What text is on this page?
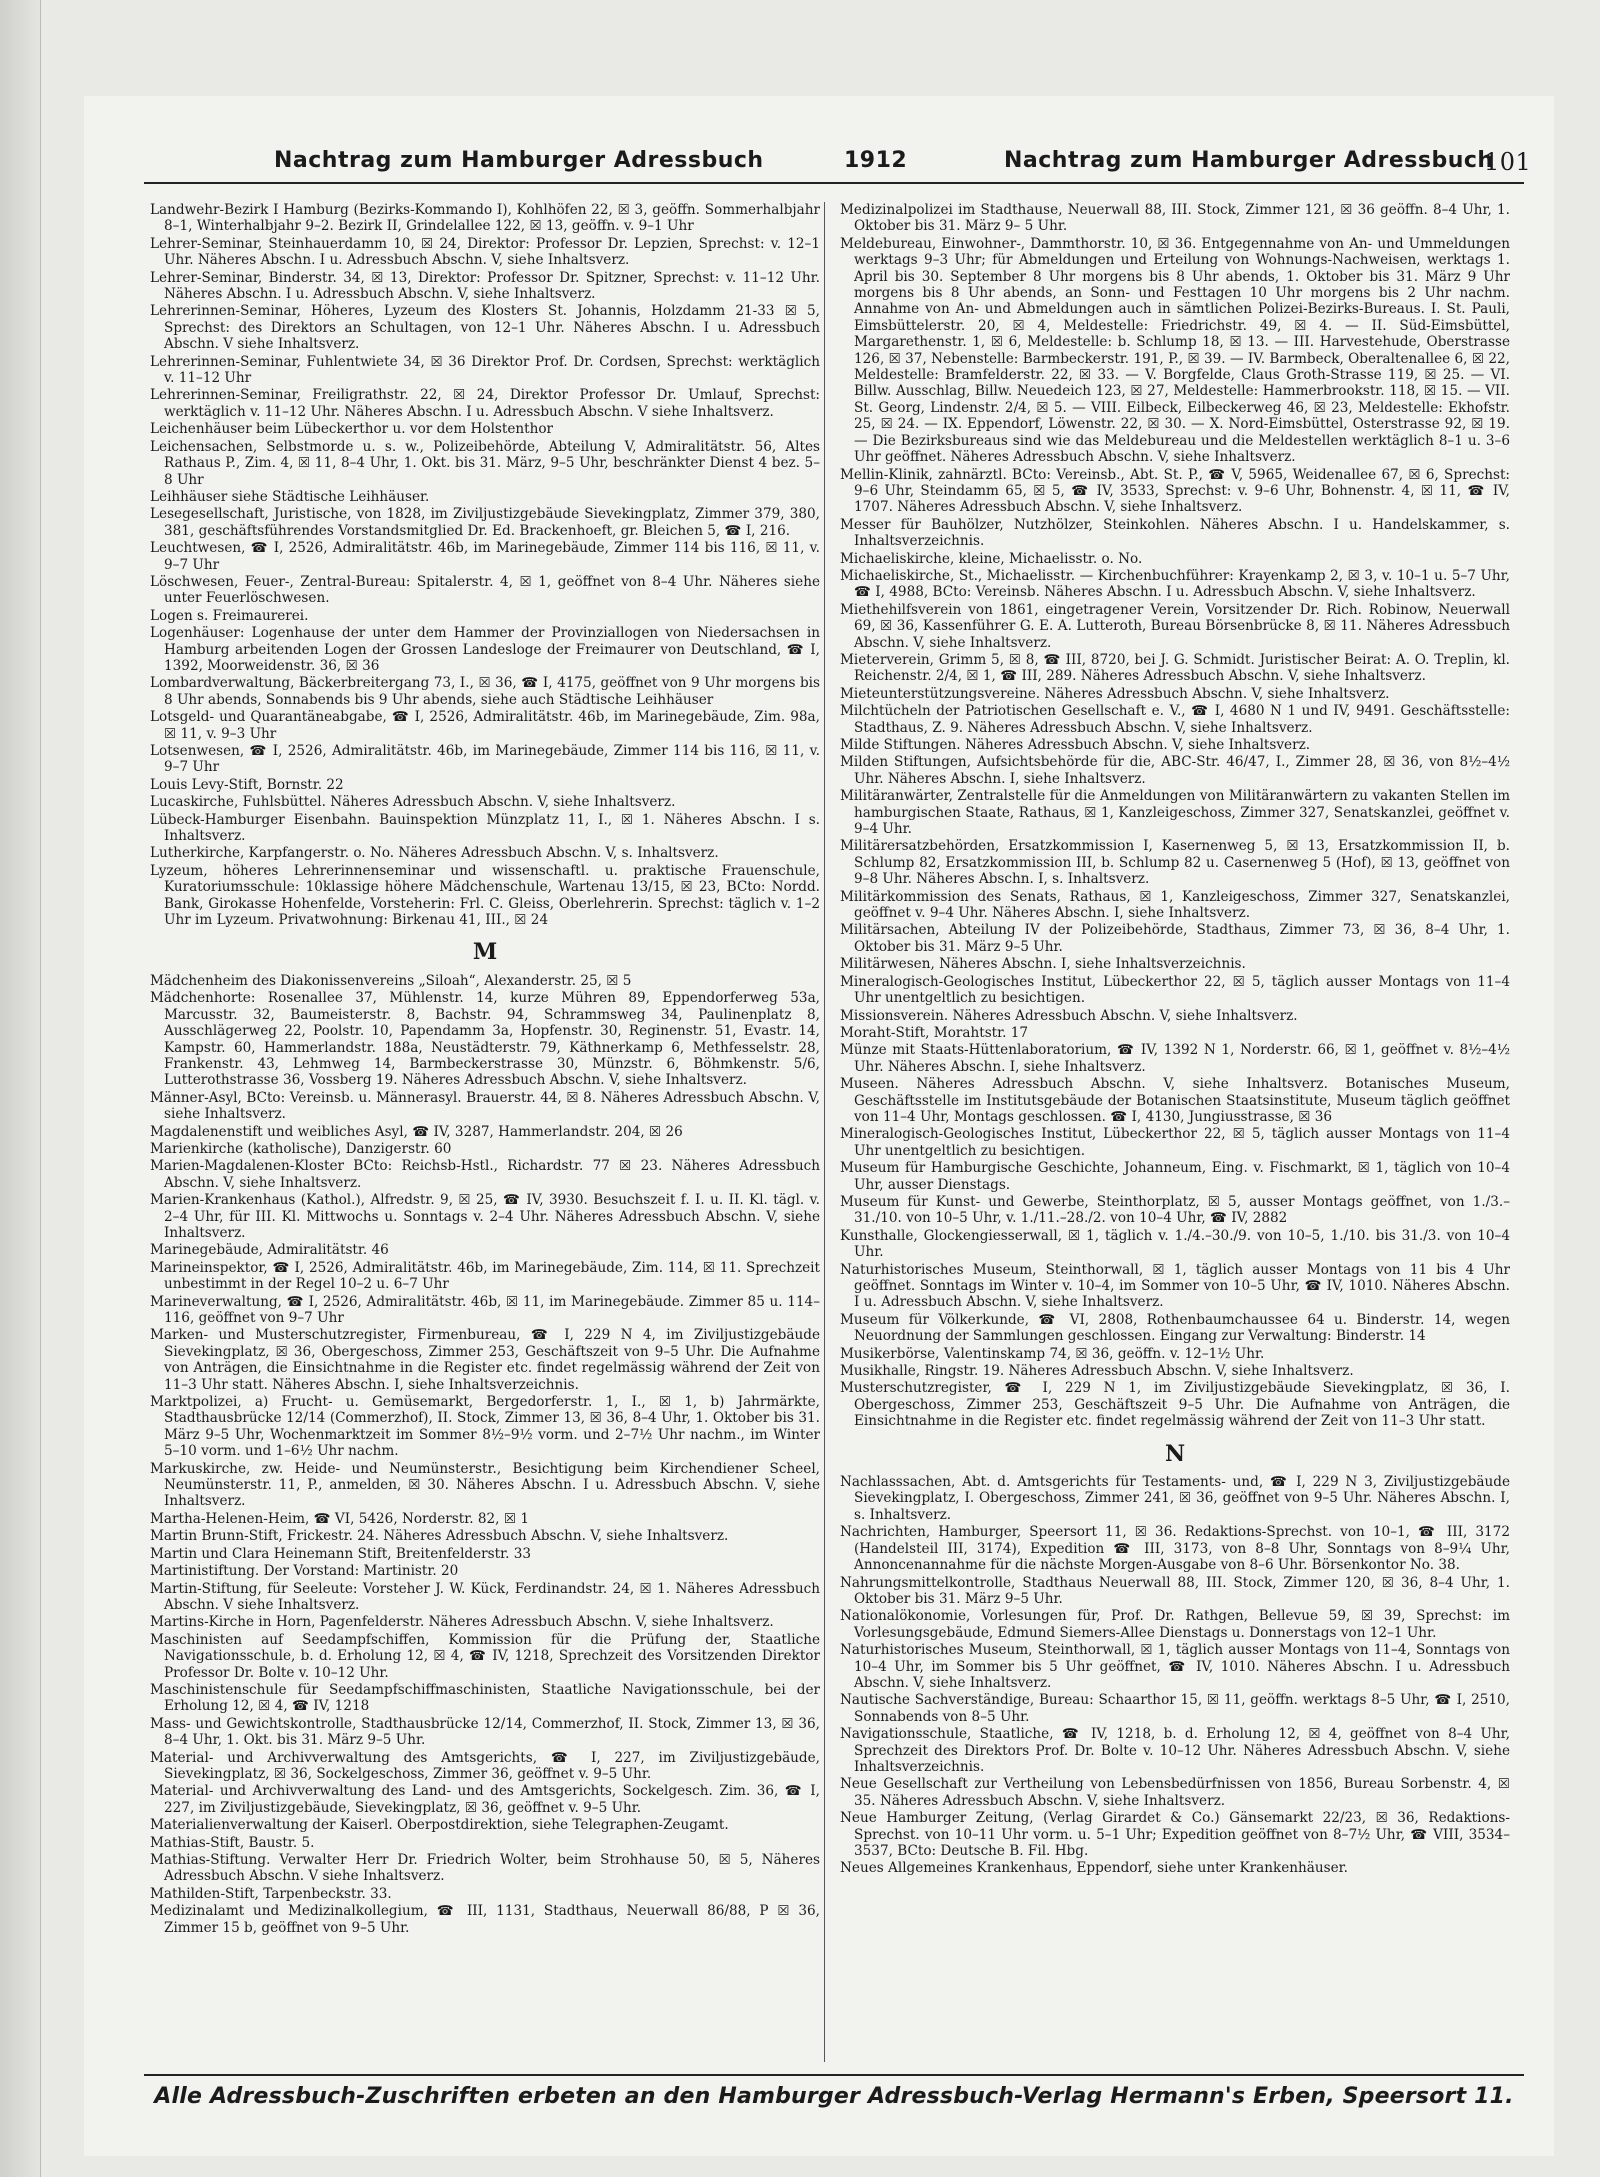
Nachtrag zum Hamburger Adressbuch	1912	Nachtrag zum Hamburger Adressbuch
101
Landwehr-Bezirk I Hamburg (Bezirks-Kommando I), Kohlhöfen 22, ☒ 3, geöffn. Sommerhalbjahr 8–1, Winterhalbjahr 9–2. Bezirk II, Grindelallee 122, ☒ 13, geöffn. v. 9–1 Uhr
Lehrer-Seminar, Steinhauerdamm 10, ☒ 24, Direktor: Professor Dr. Lepzien, Sprechst: v. 12–1 Uhr. Näheres Abschn. I u. Adressbuch Abschn. V, siehe Inhaltsverz.
Lehrer-Seminar, Binderstr. 34, ☒ 13, Direktor: Professor Dr. Spitzner, Sprechst: v. 11–12 Uhr. Näheres Abschn. I u. Adressbuch Abschn. V, siehe Inhaltsverz.
Lehrerinnen-Seminar, Höheres, Lyzeum des Klosters St. Johannis, Holzdamm 21-33 ☒ 5, Sprechst: des Direktors an Schultagen, von 12–1 Uhr. Näheres Abschn. I u. Adressbuch Abschn. V siehe Inhaltsverz.
Lehrerinnen-Seminar, Fuhlentwiete 34, ☒ 36 Direktor Prof. Dr. Cordsen, Sprechst: werktäglich v. 11–12 Uhr
Lehrerinnen-Seminar, Freiligrathstr. 22, ☒ 24, Direktor Professor Dr. Umlauf, Sprechst: werktäglich v. 11–12 Uhr. Näheres Abschn. I u. Adressbuch Abschn. V siehe Inhaltsverz.
Leichenhäuser beim Lübeckerthor u. vor dem Holstenthor
Leichensachen, Selbstmorde u. s. w., Polizeibehörde, Abteilung V, Admiralitätstr. 56, Altes Rathaus P., Zim. 4, ☒ 11, 8–4 Uhr, 1. Okt. bis 31. März, 9–5 Uhr, beschränkter Dienst 4 bez. 5–8 Uhr
Leihhäuser siehe Städtische Leihhäuser.
Lesegesellschaft, Juristische, von 1828, im Ziviljustizgebäude Sievekingplatz, Zimmer 379, 380, 381, geschäftsführendes Vorstandsmitglied Dr. Ed. Brackenhoeft, gr. Bleichen 5, ☎ I, 216.
Leuchtwesen, ☎ I, 2526, Admiralitätstr. 46b, im Marinegebäude, Zimmer 114 bis 116, ☒ 11, v. 9–7 Uhr
Löschwesen, Feuer-, Zentral-Bureau: Spitalerstr. 4, ☒ 1, geöffnet von 8–4 Uhr. Näheres siehe unter Feuerlöschwesen.
Logen s. Freimaurerei.
Logenhäuser: Logenhause der unter dem Hammer der Provinziallogen von Niedersachsen in Hamburg arbeitenden Logen der Grossen Landesloge der Freimaurer von Deutschland, ☎ I, 1392, Moorweidenstr. 36, ☒ 36
Lombardverwaltung, Bäckerbreitergang 73, I., ☒ 36, ☎ I, 4175, geöffnet von 9 Uhr morgens bis 8 Uhr abends, Sonnabends bis 9 Uhr abends, siehe auch Städtische Leihhäuser
Lotsgeld- und Quarantäneabgabe, ☎ I, 2526, Admiralitätstr. 46b, im Marinegebäude, Zim. 98a, ☒ 11, v. 9–3 Uhr
Lotsenwesen, ☎ I, 2526, Admiralitätstr. 46b, im Marinegebäude, Zimmer 114 bis 116, ☒ 11, v. 9–7 Uhr
Louis Levy-Stift, Bornstr. 22
Lucaskirche, Fuhlsbüttel. Näheres Adressbuch Abschn. V, siehe Inhaltsverz.
Lübeck-Hamburger Eisenbahn. Bauinspektion Münzplatz 11, I., ☒ 1. Näheres Abschn. I s. Inhaltsverz.
Lutherkirche, Karpfangerstr. o. No. Näheres Adressbuch Abschn. V, s. Inhaltsverz.
Lyzeum, höheres Lehrerinnenseminar und wissenschaftl. u. praktische Frauenschule, Kuratoriumsschule: 10klassige höhere Mädchenschule, Wartenau 13/15, ☒ 23, BCto: Nordd. Bank, Girokasse Hohenfelde, Vorsteherin: Frl. C. Gleiss, Oberlehrerin. Sprechst: täglich v. 1–2 Uhr im Lyzeum. Privatwohnung: Birkenau 41, III., ☒ 24
M
Mädchenheim des Diakonissenvereins „Siloah“, Alexanderstr. 25, ☒ 5
Mädchenhorte: Rosenallee 37, Mühlenstr. 14, kurze Mühren 89, Eppendorferweg 53a, Marcusstr. 32, Baumeisterstr. 8, Bachstr. 94, Schrammsweg 34, Paulinenplatz 8, Ausschlägerweg 22, Poolstr. 10, Papendamm 3a, Hopfenstr. 30, Reginenstr. 51, Evastr. 14, Kampstr. 60, Hammerlandstr. 188a, Neustädterstr. 79, Käthnerkamp 6, Methfesselstr. 28, Frankenstr. 43, Lehmweg 14, Barmbeckerstrasse 30, Münzstr. 6, Böhmkenstr. 5/6, Lutterothstrasse 36, Vossberg 19. Näheres Adressbuch Abschn. V, siehe Inhaltsverz.
Männer-Asyl, BCto: Vereinsb. u. Männerasyl. Brauerstr. 44, ☒ 8. Näheres Adressbuch Abschn. V, siehe Inhaltsverz.
Magdalenenstift und weibliches Asyl, ☎ IV, 3287, Hammerlandstr. 204, ☒ 26
Marienkirche (katholische), Danzigerstr. 60
Marien-Magdalenen-Kloster BCto: Reichsb-Hstl., Richardstr. 77 ☒ 23. Näheres Adressbuch Abschn. V, siehe Inhaltsverz.
Marien-Krankenhaus (Kathol.), Alfredstr. 9, ☒ 25, ☎ IV, 3930. Besuchszeit f. I. u. II. Kl. tägl. v. 2–4 Uhr, für III. Kl. Mittwochs u. Sonntags v. 2–4 Uhr. Näheres Adressbuch Abschn. V, siehe Inhaltsverz.
Marinegebäude, Admiralitätstr. 46
Marineinspektor, ☎ I, 2526, Admiralitätstr. 46b, im Marinegebäude, Zim. 114, ☒ 11. Sprechzeit unbestimmt in der Regel 10–2 u. 6–7 Uhr
Marineverwaltung, ☎ I, 2526, Admiralitätstr. 46b, ☒ 11, im Marinegebäude. Zimmer 85 u. 114–116, geöffnet von 9–7 Uhr
Marken- und Musterschutzregister, Firmenbureau, ☎ I, 229 N 4, im Ziviljustizgebäude Sievekingplatz, ☒ 36, Obergeschoss, Zimmer 253, Geschäftszeit von 9–5 Uhr. Die Aufnahme von Anträgen, die Einsichtnahme in die Register etc. findet regelmässig während der Zeit von 11–3 Uhr statt. Näheres Abschn. I, siehe Inhaltsverzeichnis.
Marktpolizei, a) Frucht- u. Gemüsemarkt, Bergedorferstr. 1, I., ☒ 1, b) Jahrmärkte, Stadthausbrücke 12/14 (Commerzhof), II. Stock, Zimmer 13, ☒ 36, 8–4 Uhr, 1. Oktober bis 31. März 9–5 Uhr, Wochenmarktzeit im Sommer 8½–9½ vorm. und 2–7½ Uhr nachm., im Winter 5–10 vorm. und 1–6½ Uhr nachm.
Markuskirche, zw. Heide- und Neumünsterstr., Besichtigung beim Kirchendiener Scheel, Neumünsterstr. 11, P., anmelden, ☒ 30. Näheres Abschn. I u. Adressbuch Abschn. V, siehe Inhaltsverz.
Martha-Helenen-Heim, ☎ VI, 5426, Norderstr. 82, ☒ 1
Martin Brunn-Stift, Frickestr. 24. Näheres Adressbuch Abschn. V, siehe Inhaltsverz.
Martin und Clara Heinemann Stift, Breitenfelderstr. 33
Martinistiftung. Der Vorstand: Martinistr. 20
Martin-Stiftung, für Seeleute: Vorsteher J. W. Kück, Ferdinandstr. 24, ☒ 1. Näheres Adressbuch Abschn. V siehe Inhaltsverz.
Martins-Kirche in Horn, Pagenfelderstr. Näheres Adressbuch Abschn. V, siehe Inhaltsverz.
Maschinisten auf Seedampfschiffen, Kommission für die Prüfung der, Staatliche Navigationsschule, b. d. Erholung 12, ☒ 4, ☎ IV, 1218, Sprechzeit des Vorsitzenden Direktor Professor Dr. Bolte v. 10–12 Uhr.
Maschinistenschule für Seedampfschiffmaschinisten, Staatliche Navigationsschule, bei der Erholung 12, ☒ 4, ☎ IV, 1218
Mass- und Gewichtskontrolle, Stadthausbrücke 12/14, Commerzhof, II. Stock, Zimmer 13, ☒ 36, 8–4 Uhr, 1. Okt. bis 31. März 9–5 Uhr.
Material- und Archivverwaltung des Amtsgerichts, ☎ I, 227, im Ziviljustizgebäude, Sievekingplatz, ☒ 36, Sockelgeschoss, Zimmer 36, geöffnet v. 9–5 Uhr.
Material- und Archivverwaltung des Land- und des Amtsgerichts, Sockelgesch. Zim. 36, ☎ I, 227, im Ziviljustizgebäude, Sievekingplatz, ☒ 36, geöffnet v. 9–5 Uhr.
Materialienverwaltung der Kaiserl. Oberpostdirektion, siehe Telegraphen-Zeugamt.
Mathias-Stift, Baustr. 5.
Mathias-Stiftung. Verwalter Herr Dr. Friedrich Wolter, beim Strohhause 50, ☒ 5, Näheres Adressbuch Abschn. V siehe Inhaltsverz.
Mathilden-Stift, Tarpenbeckstr. 33.
Medizinalamt und Medizinalkollegium, ☎ III, 1131, Stadthaus, Neuerwall 86/88, P ☒ 36, Zimmer 15 b, geöffnet von 9–5 Uhr.
Medizinalpolizei im Stadthause, Neuerwall 88, III. Stock, Zimmer 121, ☒ 36 geöffn. 8–4 Uhr, 1. Oktober bis 31. März 9– 5 Uhr.
Meldebureau, Einwohner-, Dammthorstr. 10, ☒ 36. Entgegennahme von An- und Ummeldungen werktags 9–3 Uhr; für Abmeldungen und Erteilung von Wohnungs-Nachweisen, werktags 1. April bis 30. September 8 Uhr morgens bis 8 Uhr abends, 1. Oktober bis 31. März 9 Uhr morgens bis 8 Uhr abends, an Sonn- und Festtagen 10 Uhr morgens bis 2 Uhr nachm. Annahme von An- und Abmeldungen auch in sämtlichen Polizei-Bezirks-Bureaus. I. St. Pauli, Eimsbüttelerstr. 20, ☒ 4, Meldestelle: Friedrichstr. 49, ☒ 4. — II. Süd-Eimsbüttel, Margarethenstr. 1, ☒ 6, Meldestelle: b. Schlump 18, ☒ 13. — III. Harvestehude, Oberstrasse 126, ☒ 37, Nebenstelle: Barmbeckerstr. 191, P., ☒ 39. — IV. Barmbeck, Oberaltenallee 6, ☒ 22, Meldestelle: Bramfelderstr. 22, ☒ 33. — V. Borgfelde, Claus Groth-Strasse 119, ☒ 25. — VI. Billw. Ausschlag, Billw. Neuedeich 123, ☒ 27, Meldestelle: Hammerbrookstr. 118, ☒ 15. — VII. St. Georg, Lindenstr. 2/4, ☒ 5. — VIII. Eilbeck, Eilbeckerweg 46, ☒ 23, Meldestelle: Ekhofstr. 25, ☒ 24. — IX. Eppendorf, Löwenstr. 22, ☒ 30. — X. Nord-Eimsbüttel, Osterstrasse 92, ☒ 19. — Die Bezirksbureaus sind wie das Meldebureau und die Meldestellen werktäglich 8–1 u. 3–6 Uhr geöffnet. Näheres Adressbuch Abschn. V, siehe Inhaltsverz.
Mellin-Klinik, zahnärztl. BCto: Vereinsb., Abt. St. P., ☎ V, 5965, Weidenallee 67, ☒ 6, Sprechst: 9–6 Uhr, Steindamm 65, ☒ 5, ☎ IV, 3533, Sprechst: v. 9–6 Uhr, Bohnenstr. 4, ☒ 11, ☎ IV, 1707. Näheres Adressbuch Abschn. V, siehe Inhaltsverz.
Messer für Bauhölzer, Nutzhölzer, Steinkohlen. Näheres Abschn. I u. Handelskammer, s. Inhaltsverzeichnis.
Michaeliskirche, kleine, Michaelisstr. o. No.
Michaeliskirche, St., Michaelisstr. — Kirchenbuchführer: Krayenkamp 2, ☒ 3, v. 10–1 u. 5–7 Uhr, ☎ I, 4988, BCto: Vereinsb. Näheres Abschn. I u. Adressbuch Abschn. V, siehe Inhaltsverz.
Miethehilfsverein von 1861, eingetragener Verein, Vorsitzender Dr. Rich. Robinow, Neuerwall 69, ☒ 36, Kassenführer G. E. A. Lutteroth, Bureau Börsenbrücke 8, ☒ 11. Näheres Adressbuch Abschn. V, siehe Inhaltsverz.
Mieterverein, Grimm 5, ☒ 8, ☎ III, 8720, bei J. G. Schmidt. Juristischer Beirat: A. O. Treplin, kl. Reichenstr. 2/4, ☒ 1, ☎ III, 289. Näheres Adressbuch Abschn. V, siehe Inhaltsverz.
Mieteunterstützungsvereine. Näheres Adressbuch Abschn. V, siehe Inhaltsverz.
Milchtücheln der Patriotischen Gesellschaft e. V., ☎ I, 4680 N 1 und IV, 9491. Geschäftsstelle: Stadthaus, Z. 9. Näheres Adressbuch Abschn. V, siehe Inhaltsverz.
Milde Stiftungen. Näheres Adressbuch Abschn. V, siehe Inhaltsverz.
Milden Stiftungen, Aufsichtsbehörde für die, ABC-Str. 46/47, I., Zimmer 28, ☒ 36, von 8½–4½ Uhr. Näheres Abschn. I, siehe Inhaltsverz.
Militäranwärter, Zentralstelle für die Anmeldungen von Militäranwärtern zu vakanten Stellen im hamburgischen Staate, Rathaus, ☒ 1, Kanzleigeschoss, Zimmer 327, Senatskanzlei, geöffnet v. 9–4 Uhr.
Militärersatzbehörden, Ersatzkommission I, Kasernenweg 5, ☒ 13, Ersatzkommission II, b. Schlump 82, Ersatzkommission III, b. Schlump 82 u. Casernenweg 5 (Hof), ☒ 13, geöffnet von 9–8 Uhr. Näheres Abschn. I, s. Inhaltsverz.
Militärkommission des Senats, Rathaus, ☒ 1, Kanzleigeschoss, Zimmer 327, Senatskanzlei, geöffnet v. 9–4 Uhr. Näheres Abschn. I, siehe Inhaltsverz.
Militärsachen, Abteilung IV der Polizeibehörde, Stadthaus, Zimmer 73, ☒ 36, 8–4 Uhr, 1. Oktober bis 31. März 9–5 Uhr.
Militärwesen, Näheres Abschn. I, siehe Inhaltsverzeichnis.
Mineralogisch-Geologisches Institut, Lübeckerthor 22, ☒ 5, täglich ausser Montags von 11–4 Uhr unentgeltlich zu besichtigen.
Missionsverein. Näheres Adressbuch Abschn. V, siehe Inhaltsverz.
Moraht-Stift, Morahtstr. 17
Münze mit Staats-Hüttenlaboratorium, ☎ IV, 1392 N 1, Norderstr. 66, ☒ 1, geöffnet v. 8½–4½ Uhr. Näheres Abschn. I, siehe Inhaltsverz.
Museen. Näheres Adressbuch Abschn. V, siehe Inhaltsverz. Botanisches Museum, Geschäftsstelle im Institutsgebäude der Botanischen Staatsinstitute, Museum täglich geöffnet von 11–4 Uhr, Montags geschlossen. ☎ I, 4130, Jungiusstrasse, ☒ 36
Mineralogisch-Geologisches Institut, Lübeckerthor 22, ☒ 5, täglich ausser Montags von 11–4 Uhr unentgeltlich zu besichtigen.
Museum für Hamburgische Geschichte, Johanneum, Eing. v. Fischmarkt, ☒ 1, täglich von 10–4 Uhr, ausser Dienstags.
Museum für Kunst- und Gewerbe, Steinthorplatz, ☒ 5, ausser Montags geöffnet, von 1./3.–31./10. von 10–5 Uhr, v. 1./11.–28./2. von 10–4 Uhr, ☎ IV, 2882
Kunsthalle, Glockengiesserwall, ☒ 1, täglich v. 1./4.–30./9. von 10–5, 1./10. bis 31./3. von 10–4 Uhr.
Naturhistorisches Museum, Steinthorwall, ☒ 1, täglich ausser Montags von 11 bis 4 Uhr geöffnet. Sonntags im Winter v. 10–4, im Sommer von 10–5 Uhr, ☎ IV, 1010. Näheres Abschn. I u. Adressbuch Abschn. V, siehe Inhaltsverz.
Museum für Völkerkunde, ☎ VI, 2808, Rothenbaumchaussee 64 u. Binderstr. 14, wegen Neuordnung der Sammlungen geschlossen. Eingang zur Verwaltung: Binderstr. 14
Musikerbörse, Valentinskamp 74, ☒ 36, geöffn. v. 12–1½ Uhr.
Musikhalle, Ringstr. 19. Näheres Adressbuch Abschn. V, siehe Inhaltsverz.
Musterschutzregister, ☎ I, 229 N 1, im Ziviljustizgebäude Sievekingplatz, ☒ 36, I. Obergeschoss, Zimmer 253, Geschäftszeit 9–5 Uhr. Die Aufnahme von Anträgen, die Einsichtnahme in die Register etc. findet regelmässig während der Zeit von 11–3 Uhr statt.
N
Nachlasssachen, Abt. d. Amtsgerichts für Testaments- und, ☎ I, 229 N 3, Ziviljustizgebäude Sievekingplatz, I. Obergeschoss, Zimmer 241, ☒ 36, geöffnet von 9–5 Uhr. Näheres Abschn. I, s. Inhaltsverz.
Nachrichten, Hamburger, Speersort 11, ☒ 36. Redaktions-Sprechst. von 10–1, ☎ III, 3172 (Handelsteil III, 3174), Expedition ☎ III, 3173, von 8–8 Uhr, Sonntags von 8–9¼ Uhr, Annoncenannahme für die nächste Morgen-Ausgabe von 8–6 Uhr. Börsenkontor No. 38.
Nahrungsmittelkontrolle, Stadthaus Neuerwall 88, III. Stock, Zimmer 120, ☒ 36, 8–4 Uhr, 1. Oktober bis 31. März 9–5 Uhr.
Nationalökonomie, Vorlesungen für, Prof. Dr. Rathgen, Bellevue 59, ☒ 39, Sprechst: im Vorlesungsgebäude, Edmund Siemers-Allee Dienstags u. Donnerstags von 12–1 Uhr.
Naturhistorisches Museum, Steinthorwall, ☒ 1, täglich ausser Montags von 11–4, Sonntags von 10–4 Uhr, im Sommer bis 5 Uhr geöffnet, ☎ IV, 1010. Näheres Abschn. I u. Adressbuch Abschn. V, siehe Inhaltsverz.
Nautische Sachverständige, Bureau: Schaarthor 15, ☒ 11, geöffn. werktags 8–5 Uhr, ☎ I, 2510, Sonnabends von 8–5 Uhr.
Navigationsschule, Staatliche, ☎ IV, 1218, b. d. Erholung 12, ☒ 4, geöffnet von 8–4 Uhr, Sprechzeit des Direktors Prof. Dr. Bolte v. 10–12 Uhr. Näheres Adressbuch Abschn. V, siehe Inhaltsverzeichnis.
Neue Gesellschaft zur Vertheilung von Lebensbedürfnissen von 1856, Bureau Sorbenstr. 4, ☒ 35. Näheres Adressbuch Abschn. V, siehe Inhaltsverz.
Neue Hamburger Zeitung, (Verlag Girardet & Co.) Gänsemarkt 22/23, ☒ 36, Redaktions-Sprechst. von 10–11 Uhr vorm. u. 5–1 Uhr; Expedition geöffnet von 8–7½ Uhr, ☎ VIII, 3534–3537, BCto: Deutsche B. Fil. Hbg.
Neues Allgemeines Krankenhaus, Eppendorf, siehe unter Krankenhäuser.
Alle Adressbuch-Zuschriften erbeten an den Hamburger Adressbuch-Verlag Hermann's Erben, Speersort 11.
